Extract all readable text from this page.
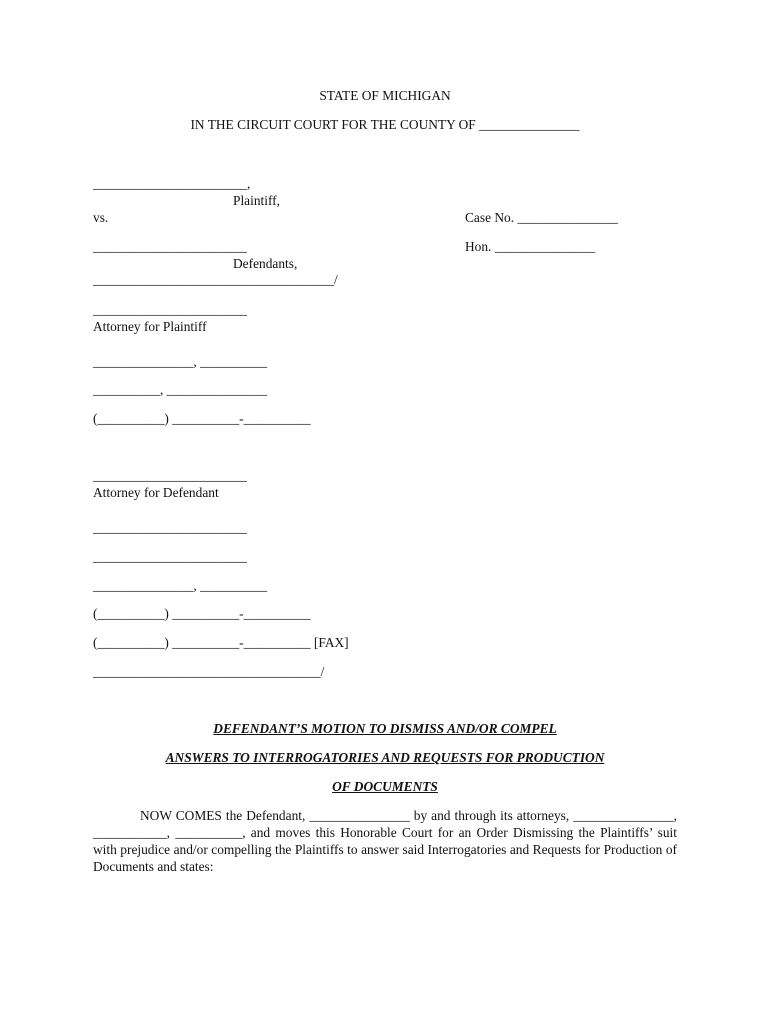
STATE OF MICHIGAN
IN THE CIRCUIT COURT FOR THE COUNTY OF _______________
_______________________,
Plaintiff,
vs.	Case No. _______________
_______________________	Hon. _______________
Defendants,
____________________________________/
_______________________
Attorney for Plaintiff
_______________, __________
__________, _______________
(__________) __________-__________
_______________________
Attorney for Defendant
_______________________
_______________________
_______________, __________
(__________) __________-__________
(__________) __________-__________ [FAX]
__________________________________/
DEFENDANT’S MOTION TO DISMISS AND/OR COMPEL
ANSWERS TO INTERROGATORIES AND REQUESTS FOR PRODUCTION
OF DOCUMENTS
NOW COMES the Defendant, _______________ by and through its attorneys, _______________, ___________, __________, and moves this Honorable Court for an Order Dismissing the Plaintiffs’ suit with prejudice and/or compelling the Plaintiffs to answer said Interrogatories and Requests for Production of Documents and states:
